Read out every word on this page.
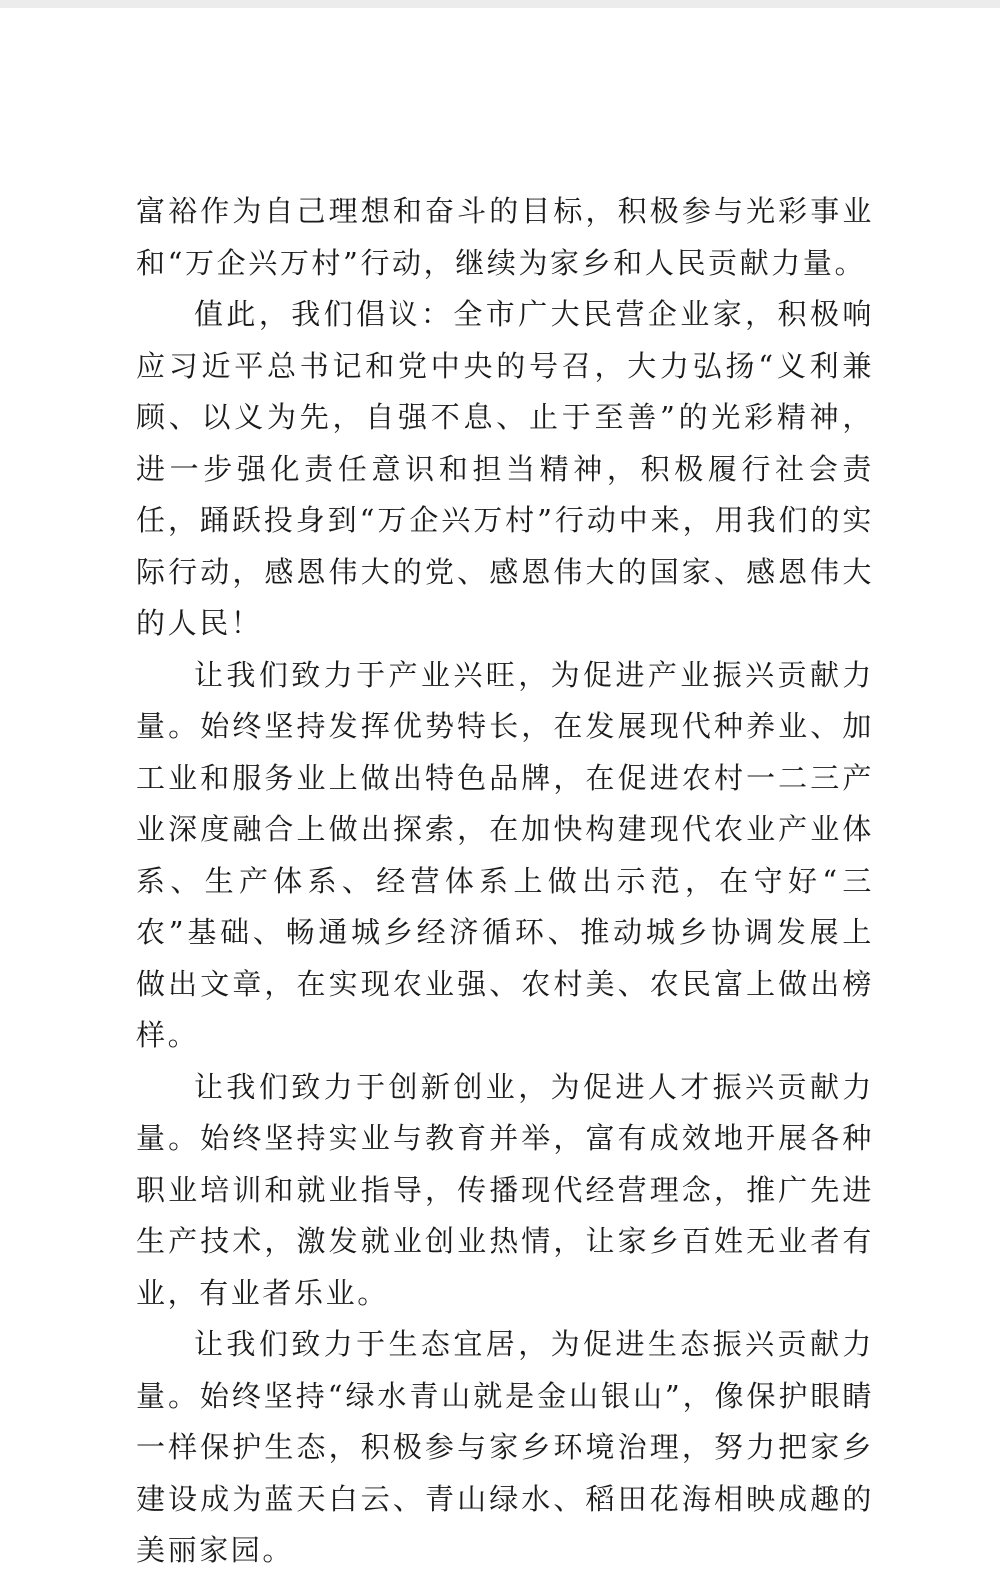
富裕作为自己理想和奋斗的目标，积极参与光彩事业和“万企兴万村”行动，继续为家乡和人民贡献力量。

值此，我们倡议：全市广大民营企业家，积极响应习近平总书记和党中央的号召，大力弘扬“义利兼顾、以义为先，自强不息、止于至善”的光彩精神，进一步强化责任意识和担当精神，积极履行社会责任，踊跃投身到“万企兴万村”行动中来，用我们的实际行动，感恩伟大的党、感恩伟大的国家、感恩伟大的人民！

让我们致力于产业兴旺，为促进产业振兴贡献力量。始终坚持发挥优势特长，在发展现代种养业、加工业和服务业上做出特色品牌，在促进农村一二三产业深度融合上做出探索，在加快构建现代农业产业体系、生产体系、经营体系上做出示范，在守好“三农”基础、畅通城乡经济循环、推动城乡协调发展上做出文章，在实现农业强、农村美、农民富上做出榜样。

让我们致力于创新创业，为促进人才振兴贡献力量。始终坚持实业与教育并举，富有成效地开展各种职业培训和就业指导，传播现代经营理念，推广先进生产技术，激发就业创业热情，让家乡百姓无业者有业，有业者乐业。

让我们致力于生态宜居，为促进生态振兴贡献力量。始终坚持“绿水青山就是金山银山”，像保护眼睛一样保护生态，积极参与家乡环境治理，努力把家乡建设成为蓝天白云、青山绿水、稻田花海相映成趣的美丽家园。
